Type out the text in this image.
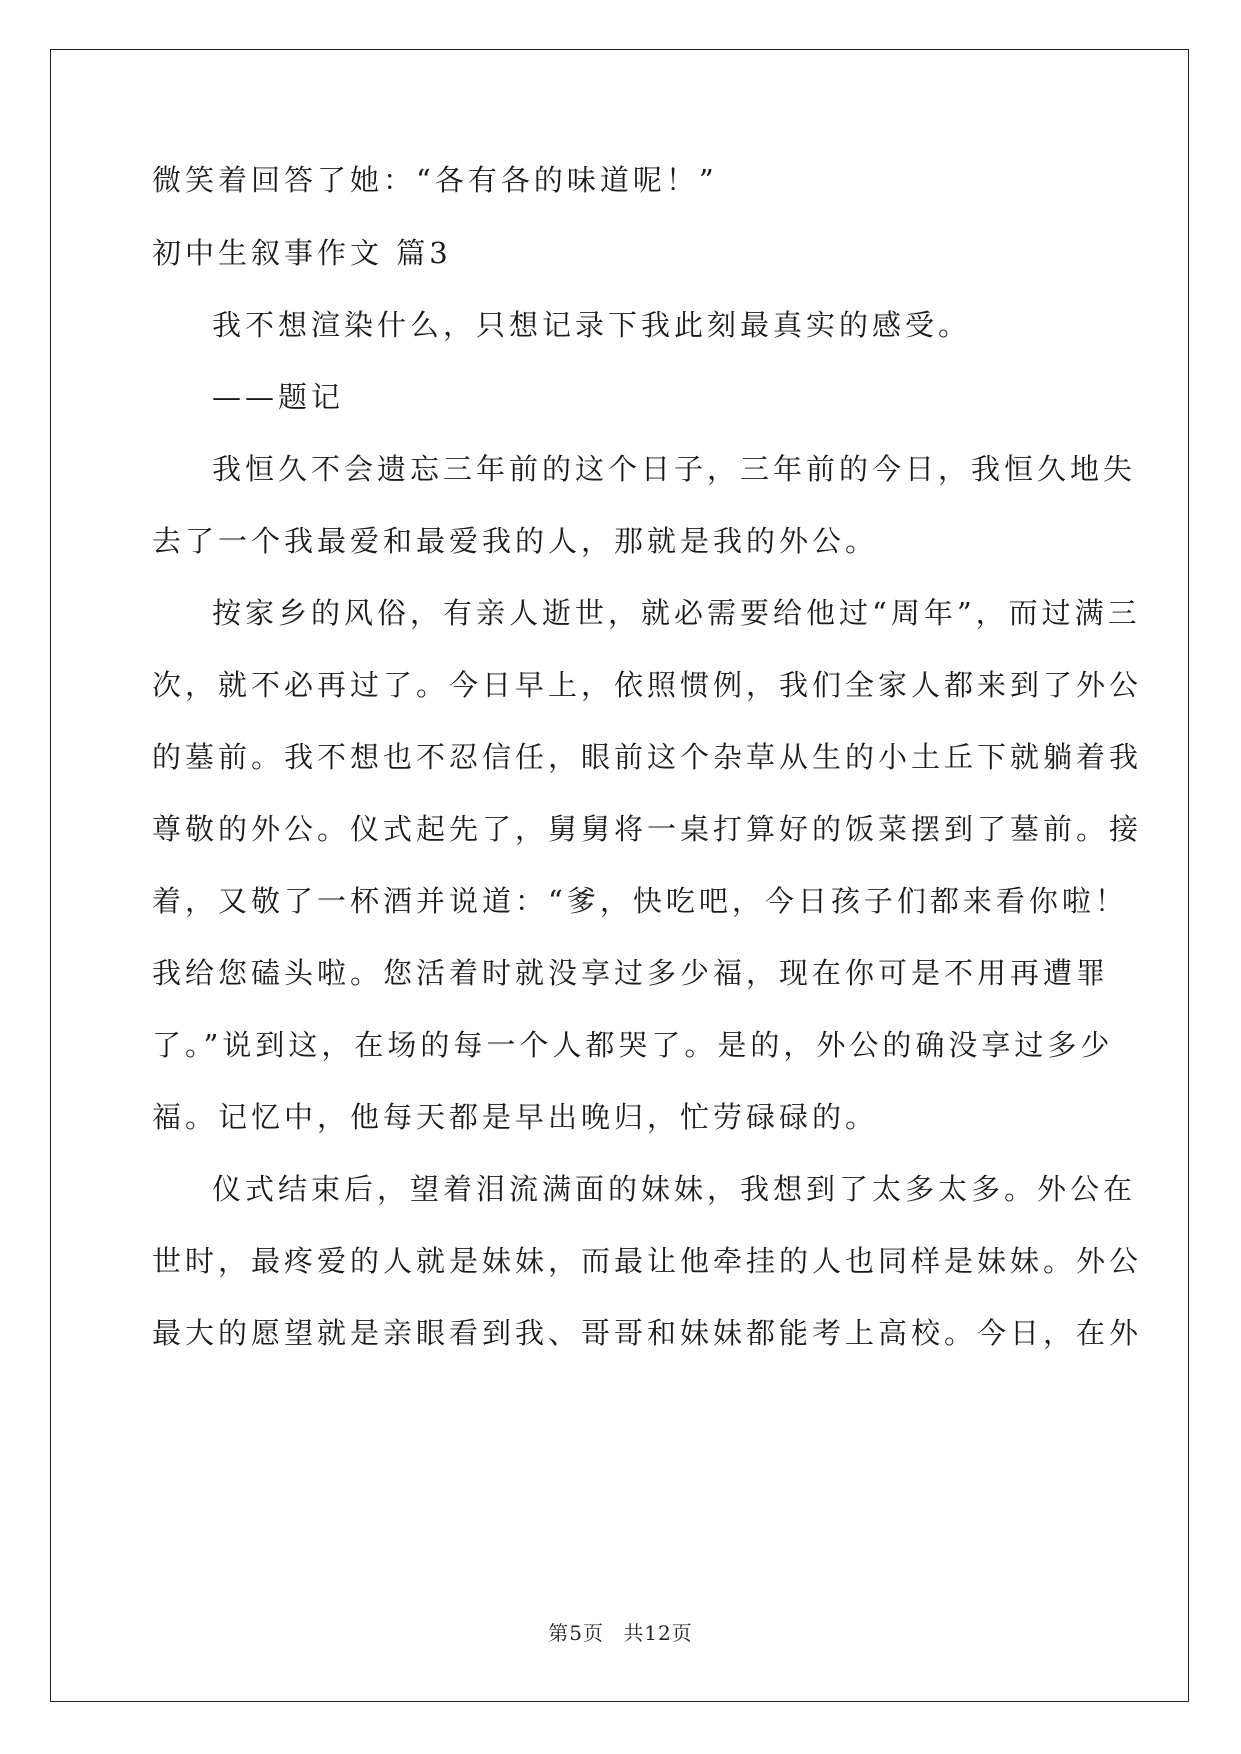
微笑着回答了她：“各有各的味道呢！”
初中生叙事作文 篇3
我不想渲染什么，只想记录下我此刻最真实的感受。
——题记
我恒久不会遗忘三年前的这个日子，三年前的今日，我恒久地失
去了一个我最爱和最爱我的人，那就是我的外公。
按家乡的风俗，有亲人逝世，就必需要给他过“周年”，而过满三
次，就不必再过了。今日早上，依照惯例，我们全家人都来到了外公
的墓前。我不想也不忍信任，眼前这个杂草从生的小土丘下就躺着我
尊敬的外公。仪式起先了，舅舅将一桌打算好的饭菜摆到了墓前。接
着，又敬了一杯酒并说道：“爹，快吃吧，今日孩子们都来看你啦！
我给您磕头啦。您活着时就没享过多少福，现在你可是不用再遭罪
了。”说到这，在场的每一个人都哭了。是的，外公的确没享过多少
福。记忆中，他每天都是早出晚归，忙劳碌碌的。
仪式结束后，望着泪流满面的妹妹，我想到了太多太多。外公在
世时，最疼爱的人就是妹妹，而最让他牵挂的人也同样是妹妹。外公
最大的愿望就是亲眼看到我、哥哥和妹妹都能考上高校。今日，在外
第5页 共12页
